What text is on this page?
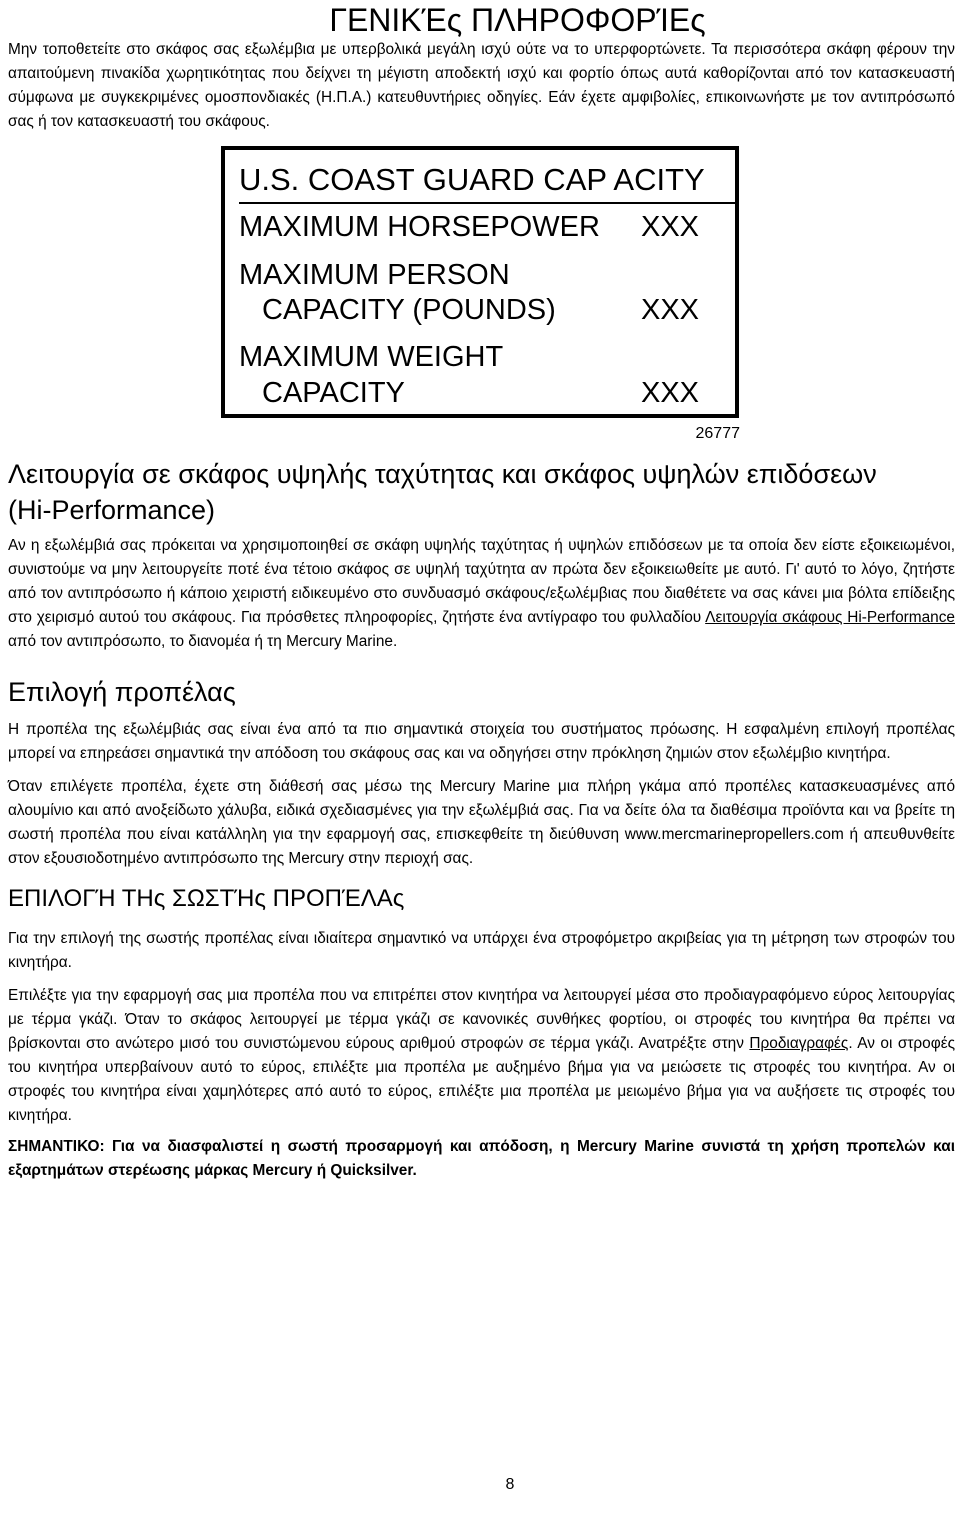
ΓΕΝΙΚΈς ΠΛΗΡΟΦΟΡΊΕς

Μην τοποθετείτε στο σκάφος σας εξωλέμβια με υπερβολικά μεγάλη ισχύ ούτε να το υπερφορτώνετε. Τα περισσότερα σκάφη φέρουν την απαιτούμενη πινακίδα χωρητικότητας που δείχνει τη μέγιστη αποδεκτή ισχύ και φορτίο όπως αυτά καθορίζονται από τον κατασκευαστή σύμφωνα με συγκεκριμένες ομοσπονδιακές (Η.Π.Α.) κατευθυντήριες οδηγίες. Εάν έχετε αμφιβολίες, επικοινωνήστε με τον αντιπρόσωπό σας ή τον κατασκευαστή του σκάφους.

U.S. COAST GUARD CAP ACITY
MAXIMUM HORSEPOWER XXX
MAXIMUM PERSON
CAPACITY (POUNDS)	XXX
MAXIMUM WEIGHT
CAPACITY	XXX
26777
Λειτουργία σε σκάφος υψηλής ταχύτητας και σκάφος υψηλών επιδόσεων (Hi‑Performance)

Αν η εξωλέμβιά σας πρόκειται να χρησιμοποιηθεί σε σκάφη υψηλής ταχύτητας ή υψηλών επιδόσεων με τα οποία δεν είστε εξοικειωμένοι, συνιστούμε να μην λειτουργείτε ποτέ ένα τέτοιο σκάφος σε υψηλή ταχύτητα αν πρώτα δεν εξοικειωθείτε με αυτό. Γι' αυτό το λόγο, ζητήστε από τον αντιπρόσωπο ή κάποιο χειριστή ειδικευμένο στο συνδυασμό σκάφους/εξωλέμβιας που διαθέτετε να σας κάνει μια βόλτα επίδειξης στο χειρισμό αυτού του σκάφους. Για πρόσθετες πληροφορίες, ζητήστε ένα αντίγραφο του φυλλαδίου Λειτουργία σκάφους Hi‑Performance από τον αντιπρόσωπο, το διανομέα ή τη Mercury Marine.

Επιλογή προπέλας

Η προπέλα της εξωλέμβιάς σας είναι ένα από τα πιο σημαντικά στοιχεία του συστήματος πρόωσης. Η εσφαλμένη επιλογή προπέλας μπορεί να επηρεάσει σημαντικά την απόδοση του σκάφους σας και να οδηγήσει στην πρόκληση ζημιών στον εξωλέμβιο κινητήρα.

Όταν επιλέγετε προπέλα, έχετε στη διάθεσή σας μέσω της Mercury Marine μια πλήρη γκάμα από προπέλες κατασκευασμένες από αλουμίνιο και από ανοξείδωτο χάλυβα, ειδικά σχεδιασμένες για την εξωλέμβιά σας. Για να δείτε όλα τα διαθέσιμα προϊόντα και να βρείτε τη σωστή προπέλα που είναι κατάλληλη για την εφαρμογή σας, επισκεφθείτε τη διεύθυνση www.mercmarinepropellers.com ή απευθυνθείτε στον εξουσιοδοτημένο αντιπρόσωπο της Mercury στην περιοχή σας.

ΕΠΙΛΟΓΉ ΤΗς ΣΩΣΤΉς ΠΡΟΠΈΛΑς

Για την επιλογή της σωστής προπέλας είναι ιδιαίτερα σημαντικό να υπάρχει ένα στροφόμετρο ακριβείας για τη μέτρηση των στροφών του κινητήρα.

Επιλέξτε για την εφαρμογή σας μια προπέλα που να επιτρέπει στον κινητήρα να λειτουργεί μέσα στο προδιαγραφόμενο εύρος λειτουργίας με τέρμα γκάζι. Όταν το σκάφος λειτουργεί με τέρμα γκάζι σε κανονικές συνθήκες φορτίου, οι στροφές του κινητήρα θα πρέπει να βρίσκονται στο ανώτερο μισό του συνιστώμενου εύρους αριθμού στροφών σε τέρμα γκάζι. Ανατρέξτε στην Προδιαγραφές. Αν οι στροφές του κινητήρα υπερβαίνουν αυτό το εύρος, επιλέξτε μια προπέλα με αυξημένο βήμα για να μειώσετε τις στροφές του κινητήρα. Αν οι στροφές του κινητήρα είναι χαμηλότερες από αυτό το εύρος, επιλέξτε μια προπέλα με μειωμένο βήμα για να αυξήσετε τις στροφές του κινητήρα.

ΣΗΜΑΝΤΙΚΟ: Για να διασφαλιστεί η σωστή προσαρμογή και απόδοση, η Mercury Marine συνιστά τη χρήση προπελών και εξαρτημάτων στερέωσης μάρκας Mercury ή Quicksilver.

8
